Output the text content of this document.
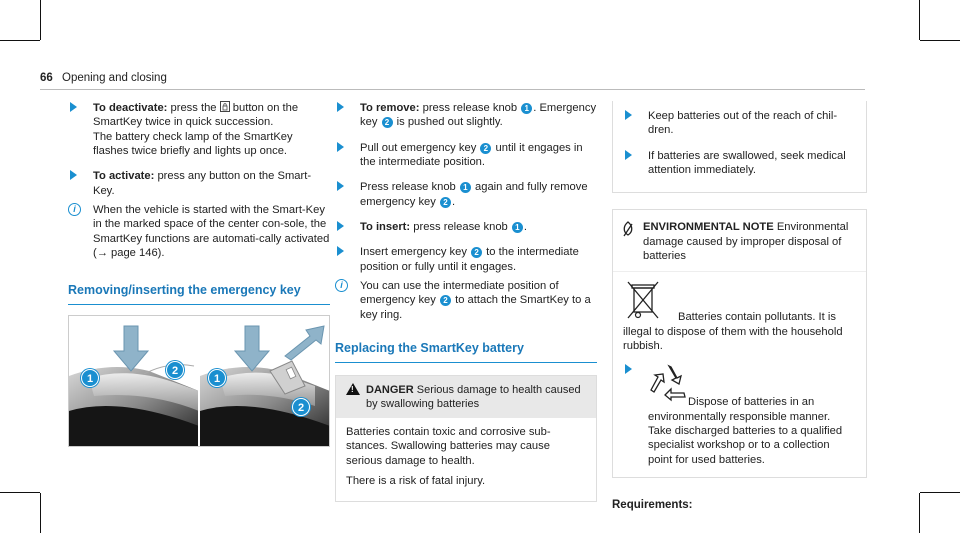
66 Opening and closing
To deactivate: press the button on the SmartKey twice in quick succession.
The battery check lamp of the SmartKey flashes twice briefly and lights up once.
To activate: press any button on the Smart-Key.
i	When the vehicle is started with the Smart-Key in the marked space of the center con-sole, the SmartKey functions are automati-cally activated (→ page 146).
Removing/inserting the emergency key
1
2
1
2
To remove: press release knob 1 . Emergency key 2 is pushed out slightly.
Pull out emergency key 2 until it engages in the intermediate position.
Press release knob 1 again and fully remove emergency key 2 .
To insert: press release knob 1 .
Insert emergency key 2 to the intermediate position or fully until it engages.
i	You can use the intermediate position of emergency key 2 to attach the SmartKey to a key ring.
Replacing the SmartKey battery
!
DANGER Serious damage to health caused by swallowing batteries

Batteries contain toxic and corrosive sub-stances. Swallowing batteries may cause serious damage to health.

There is a risk of fatal injury.

Keep batteries out of the reach of chil-dren.
If batteries are swallowed, seek medical attention immediately.
ENVIRONMENTAL NOTE Environmental damage caused by improper disposal of batteries
Batteries contain pollutants. It is illegal to dispose of them with the household rubbish.
Dispose of batteries in an environmentally responsible manner. Take discharged batteries to a qualified specialist workshop or to a collection point for used batteries.
Requirements:
